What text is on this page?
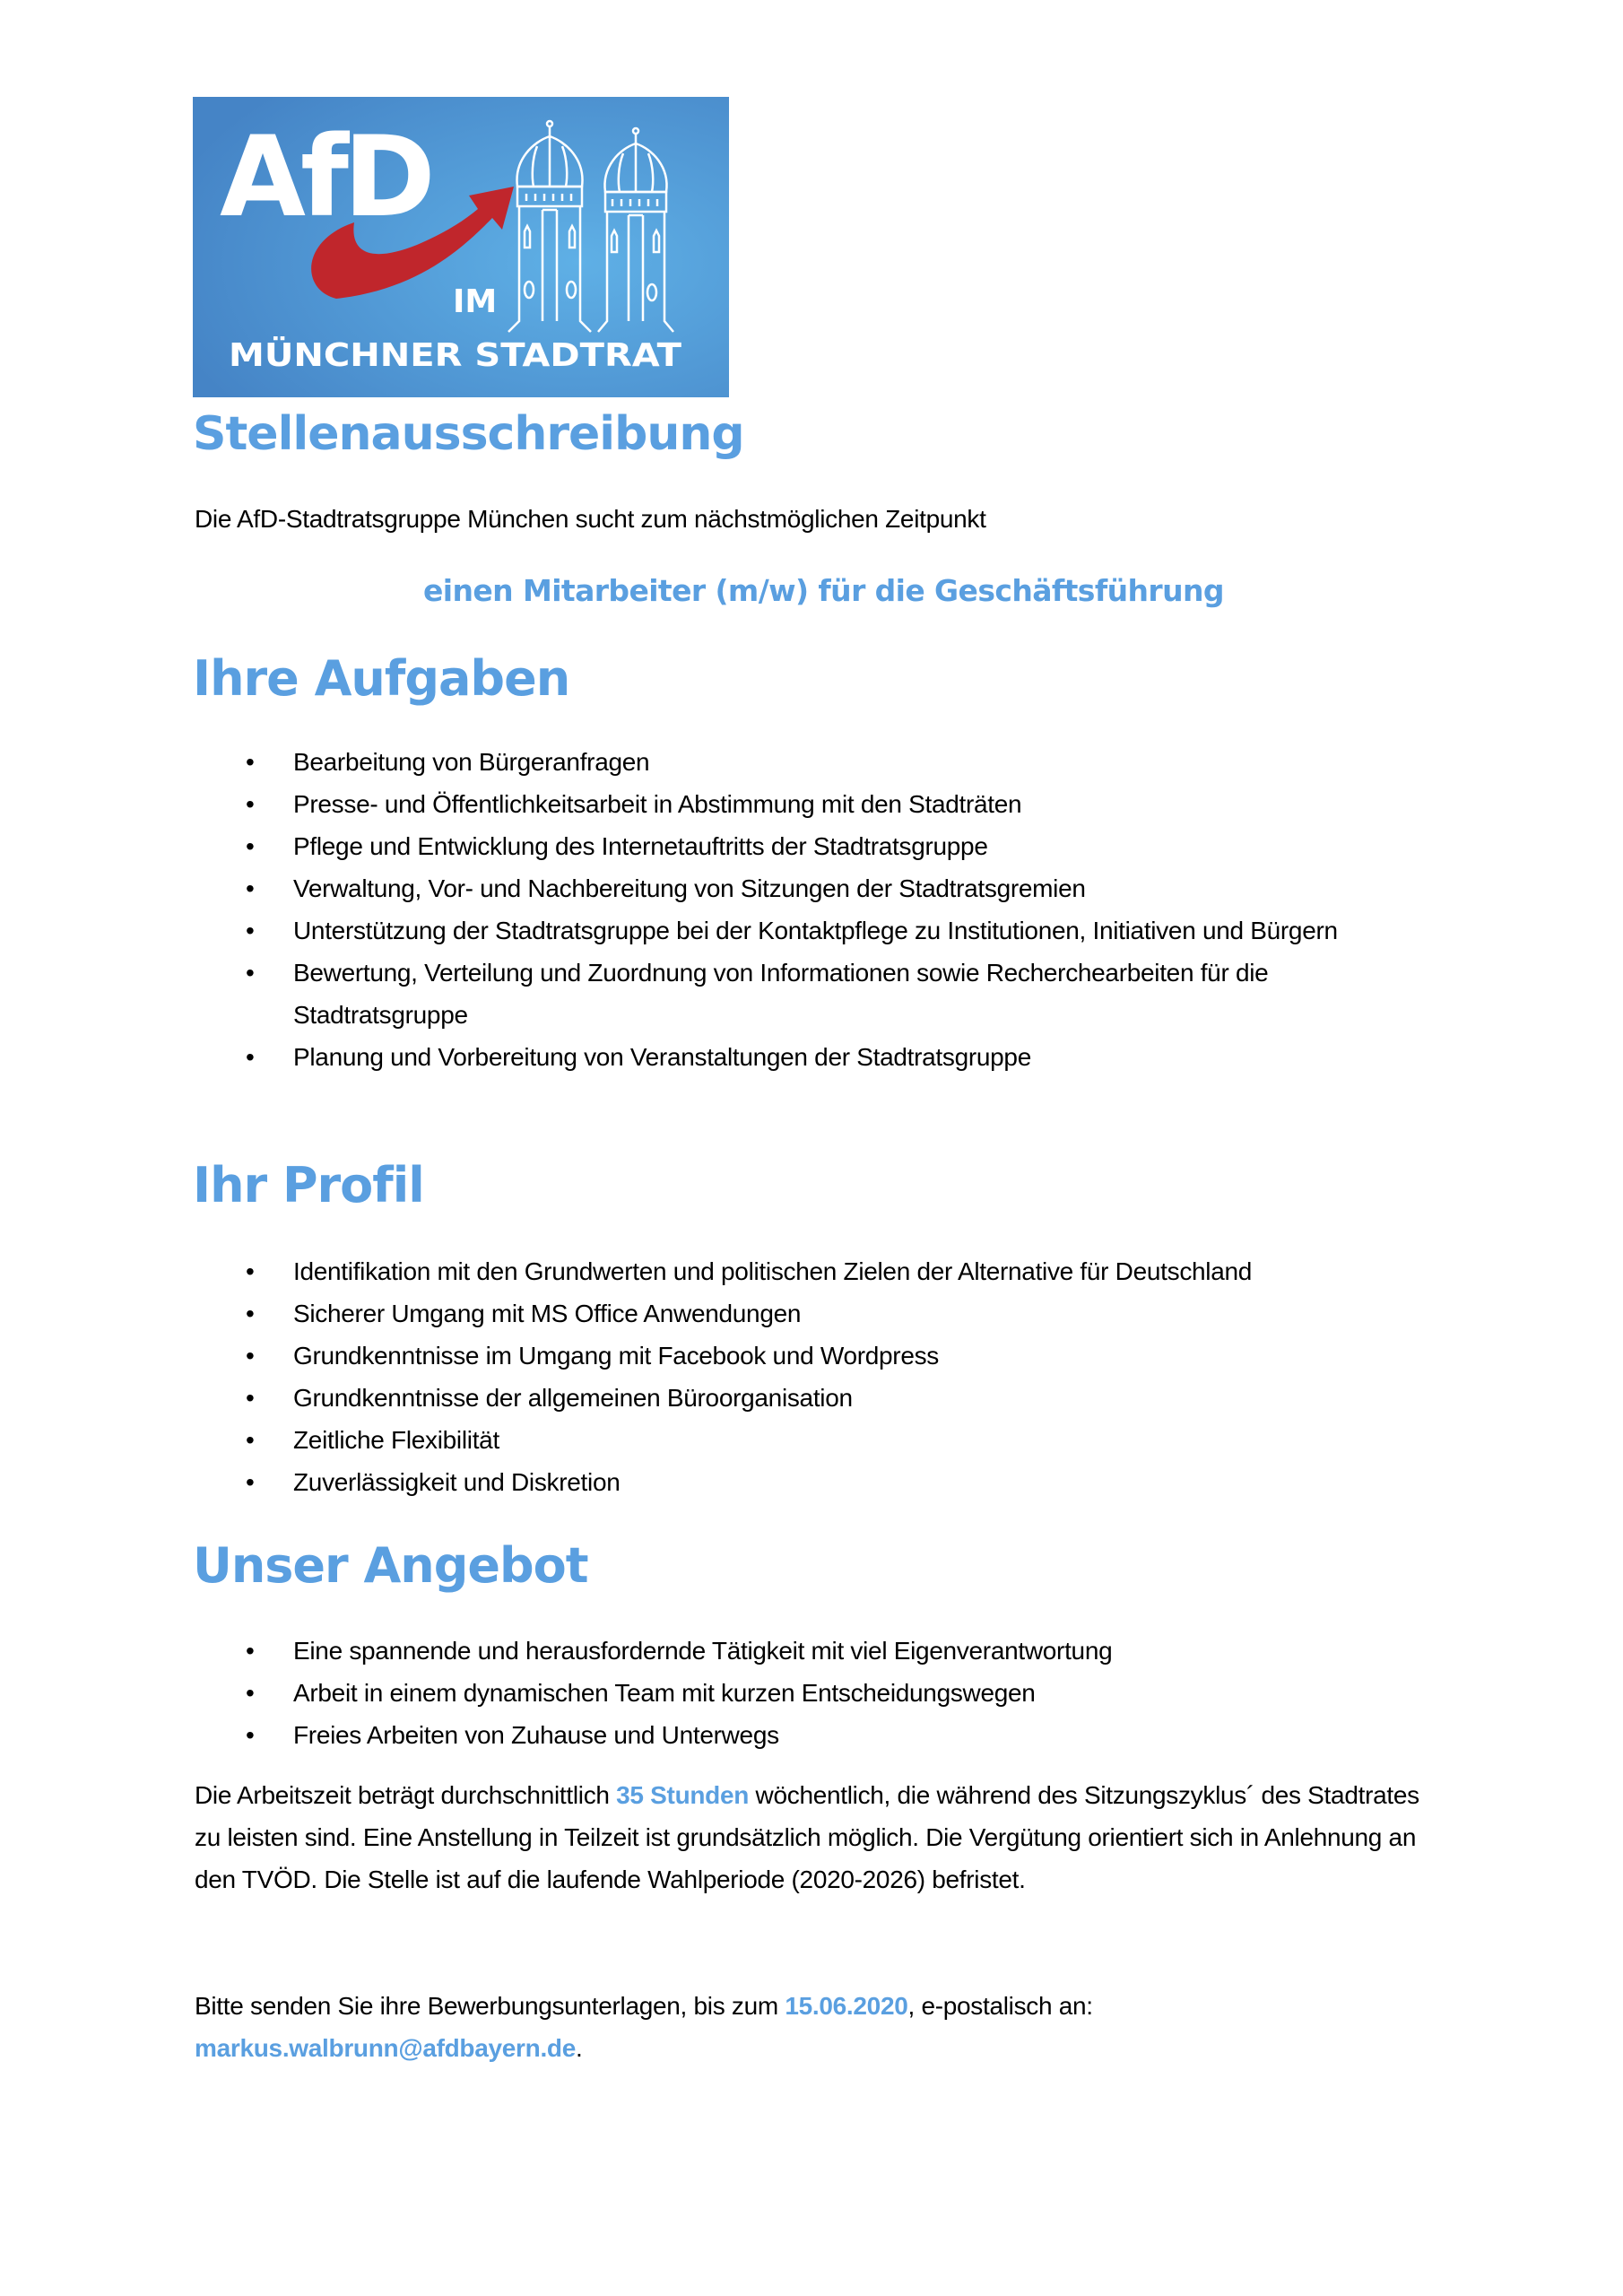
AfD
IM
MÜNCHNER STADTRAT
Stellenausschreibung
Die AfD-Stadtratsgruppe München sucht zum nächstmöglichen Zeitpunkt
einen Mitarbeiter (m/w) für die Geschäftsführung
Ihre Aufgaben
• Bearbeitung von Bürgeranfragen
• Presse- und Öffentlichkeitsarbeit in Abstimmung mit den Stadträten
• Pflege und Entwicklung des Internetauftritts der Stadtratsgruppe
• Verwaltung, Vor- und Nachbereitung von Sitzungen der Stadtratsgremien
• Unterstützung der Stadtratsgruppe bei der Kontaktpflege zu Institutionen, Initiativen und Bürgern
• Bewertung, Verteilung und Zuordnung von Informationen sowie Recherchearbeiten für die Stadtratsgruppe
• Planung und Vorbereitung von Veranstaltungen der Stadtratsgruppe
Ihr Profil
• Identifikation mit den Grundwerten und politischen Zielen der Alternative für Deutschland
• Sicherer Umgang mit MS Office Anwendungen
• Grundkenntnisse im Umgang mit Facebook und Wordpress
• Grundkenntnisse der allgemeinen Büroorganisation
• Zeitliche Flexibilität
• Zuverlässigkeit und Diskretion
Unser Angebot
• Eine spannende und herausfordernde Tätigkeit mit viel Eigenverantwortung
• Arbeit in einem dynamischen Team mit kurzen Entscheidungswegen
• Freies Arbeiten von Zuhause und Unterwegs

Die Arbeitszeit beträgt durchschnittlich 35 Stunden wöchentlich, die während des Sitzungszyklus´ des Stadtrates zu leisten sind. Eine Anstellung in Teilzeit ist grundsätzlich möglich. Die Vergütung orientiert sich in Anlehnung an den TVÖD. Die Stelle ist auf die laufende Wahlperiode (2020-2026) befristet.

Bitte senden Sie ihre Bewerbungsunterlagen, bis zum 15.06.2020, e-postalisch an:
markus.walbrunn@afdbayern.de.
